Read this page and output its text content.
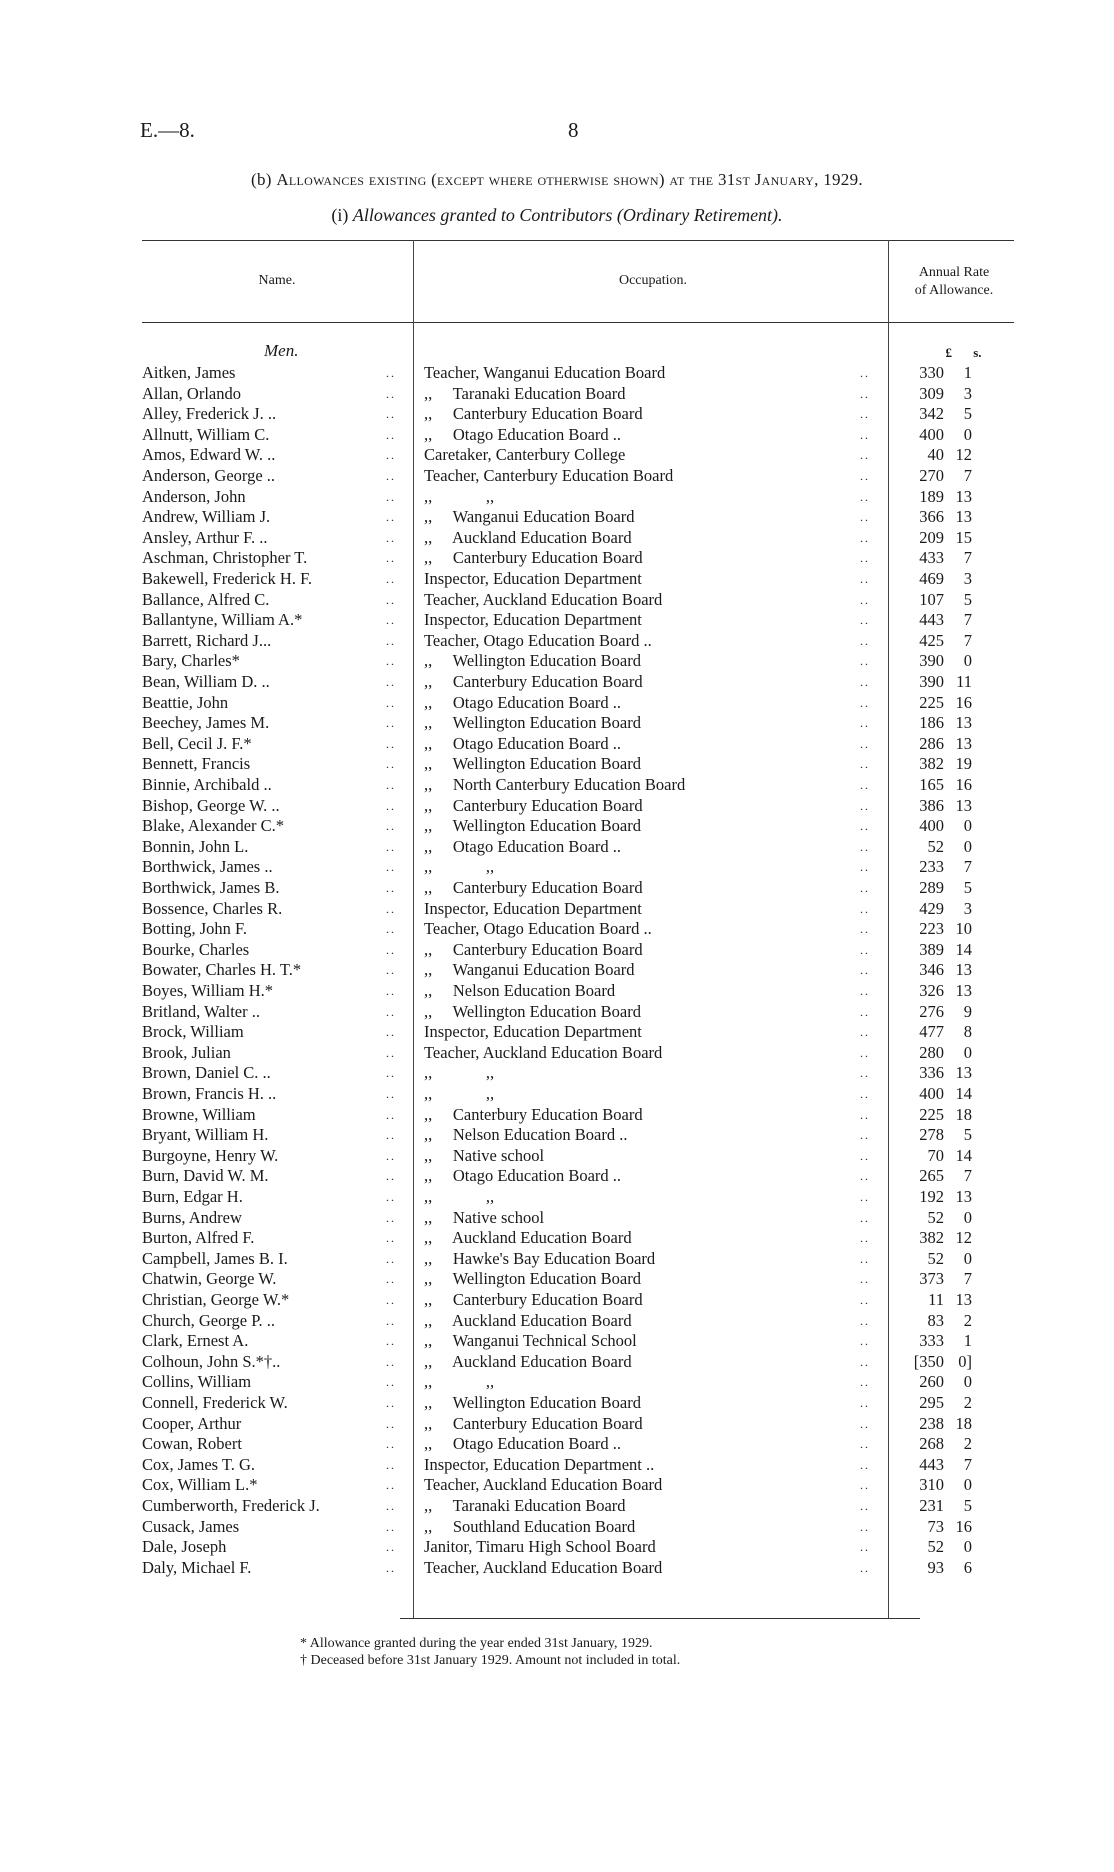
E.—8.	8
(b) Allowances existing (except where otherwise shown) at the 31st January, 1929.
(i) Allowances granted to Contributors (Ordinary Retirement).
Name.	Occupation.
Annual Rate
of Allowance.
Men.	£ s.
Aitken, James	.. Teacher, Wanganui Education Board	..	330	1
Allan, Orlando	.. ,,     Taranaki Education Board	..	309	3
Alley, Frederick J. ..	.. ,,     Canterbury Education Board	..	342	5
Allnutt, William C.	.. ,,     Otago Education Board ..	..	400	0
Amos, Edward W. ..	.. Caretaker, Canterbury College	..	40 12
Anderson, George ..	.. Teacher, Canterbury Education Board	..	270	7
Anderson, John	.. ,,             ,,	..	189 13
Andrew, William J.	.. ,,     Wanganui Education Board	..	366 13
Ansley, Arthur F. ..	.. ,,     Auckland Education Board	..	209 15
Aschman, Christopher T.	.. ,,     Canterbury Education Board	..	433	7
Bakewell, Frederick H. F.	.. Inspector, Education Department	..	469	3
Ballance, Alfred C.	.. Teacher, Auckland Education Board	..	107	5
Ballantyne, William A.*	.. Inspector, Education Department	..	443	7
Barrett, Richard J...	.. Teacher, Otago Education Board ..	..	425	7
Bary, Charles*	.. ,,     Wellington Education Board	..	390	0
Bean, William D. ..	.. ,,     Canterbury Education Board	..	390 11
Beattie, John	.. ,,     Otago Education Board ..	..	225 16
Beechey, James M.	.. ,,     Wellington Education Board	..	186 13
Bell, Cecil J. F.*	.. ,,     Otago Education Board ..	..	286 13
Bennett, Francis	.. ,,     Wellington Education Board	..	382 19
Binnie, Archibald ..	.. ,,     North Canterbury Education Board	..	165 16
Bishop, George W. ..	.. ,,     Canterbury Education Board	..	386 13
Blake, Alexander C.*	.. ,,     Wellington Education Board	..	400	0
Bonnin, John L.	.. ,,     Otago Education Board ..	..	52	0
Borthwick, James ..	.. ,,             ,,	..	233	7
Borthwick, James B.	.. ,,     Canterbury Education Board	..	289	5
Bossence, Charles R.	.. Inspector, Education Department	..	429	3
Botting, John F.	.. Teacher, Otago Education Board ..	..	223 10
Bourke, Charles	.. ,,     Canterbury Education Board	..	389 14
Bowater, Charles H. T.*	.. ,,     Wanganui Education Board	..	346 13
Boyes, William H.*	.. ,,     Nelson Education Board	..	326 13
Britland, Walter ..	.. ,,     Wellington Education Board	..	276	9
Brock, William	.. Inspector, Education Department	..	477	8
Brook, Julian	.. Teacher, Auckland Education Board	..	280	0
Brown, Daniel C. ..	.. ,,             ,,	..	336 13
Brown, Francis H. ..	.. ,,             ,,	..	400 14
Browne, William	.. ,,     Canterbury Education Board	..	225 18
Bryant, William H.	.. ,,     Nelson Education Board ..	..	278	5
Burgoyne, Henry W.	.. ,,     Native school	..	70 14
Burn, David W. M.	.. ,,     Otago Education Board ..	..	265	7
Burn, Edgar H.	.. ,,             ,,	..	192 13
Burns, Andrew	.. ,,     Native school	..	52	0
Burton, Alfred F.	.. ,,     Auckland Education Board	..	382 12
Campbell, James B. I.	.. ,,     Hawke's Bay Education Board	..	52	0
Chatwin, George W.	.. ,,     Wellington Education Board	..	373	7
Christian, George W.*	.. ,,     Canterbury Education Board	..	11 13
Church, George P. ..	.. ,,     Auckland Education Board	..	83	2
Clark, Ernest A.	.. ,,     Wanganui Technical School	..	333	1
Colhoun, John S.*†..	.. ,,     Auckland Education Board	..	[350 0]
Collins, William	.. ,,             ,,	..	260	0
Connell, Frederick W.	.. ,,     Wellington Education Board	..	295	2
Cooper, Arthur	.. ,,     Canterbury Education Board	..	238 18
Cowan, Robert	.. ,,     Otago Education Board ..	..	268	2
Cox, James T. G.	.. Inspector, Education Department ..	..	443	7
Cox, William L.*	.. Teacher, Auckland Education Board	..	310	0
Cumberworth, Frederick J.	.. ,,     Taranaki Education Board	..	231	5
Cusack, James	.. ,,     Southland Education Board	..	73 16
Dale, Joseph	.. Janitor, Timaru High School Board	..	52	0
Daly, Michael F.	.. Teacher, Auckland Education Board	..	93	6
* Allowance granted during the year ended 31st January, 1929.
† Deceased before 31st January 1929. Amount not included in total.
